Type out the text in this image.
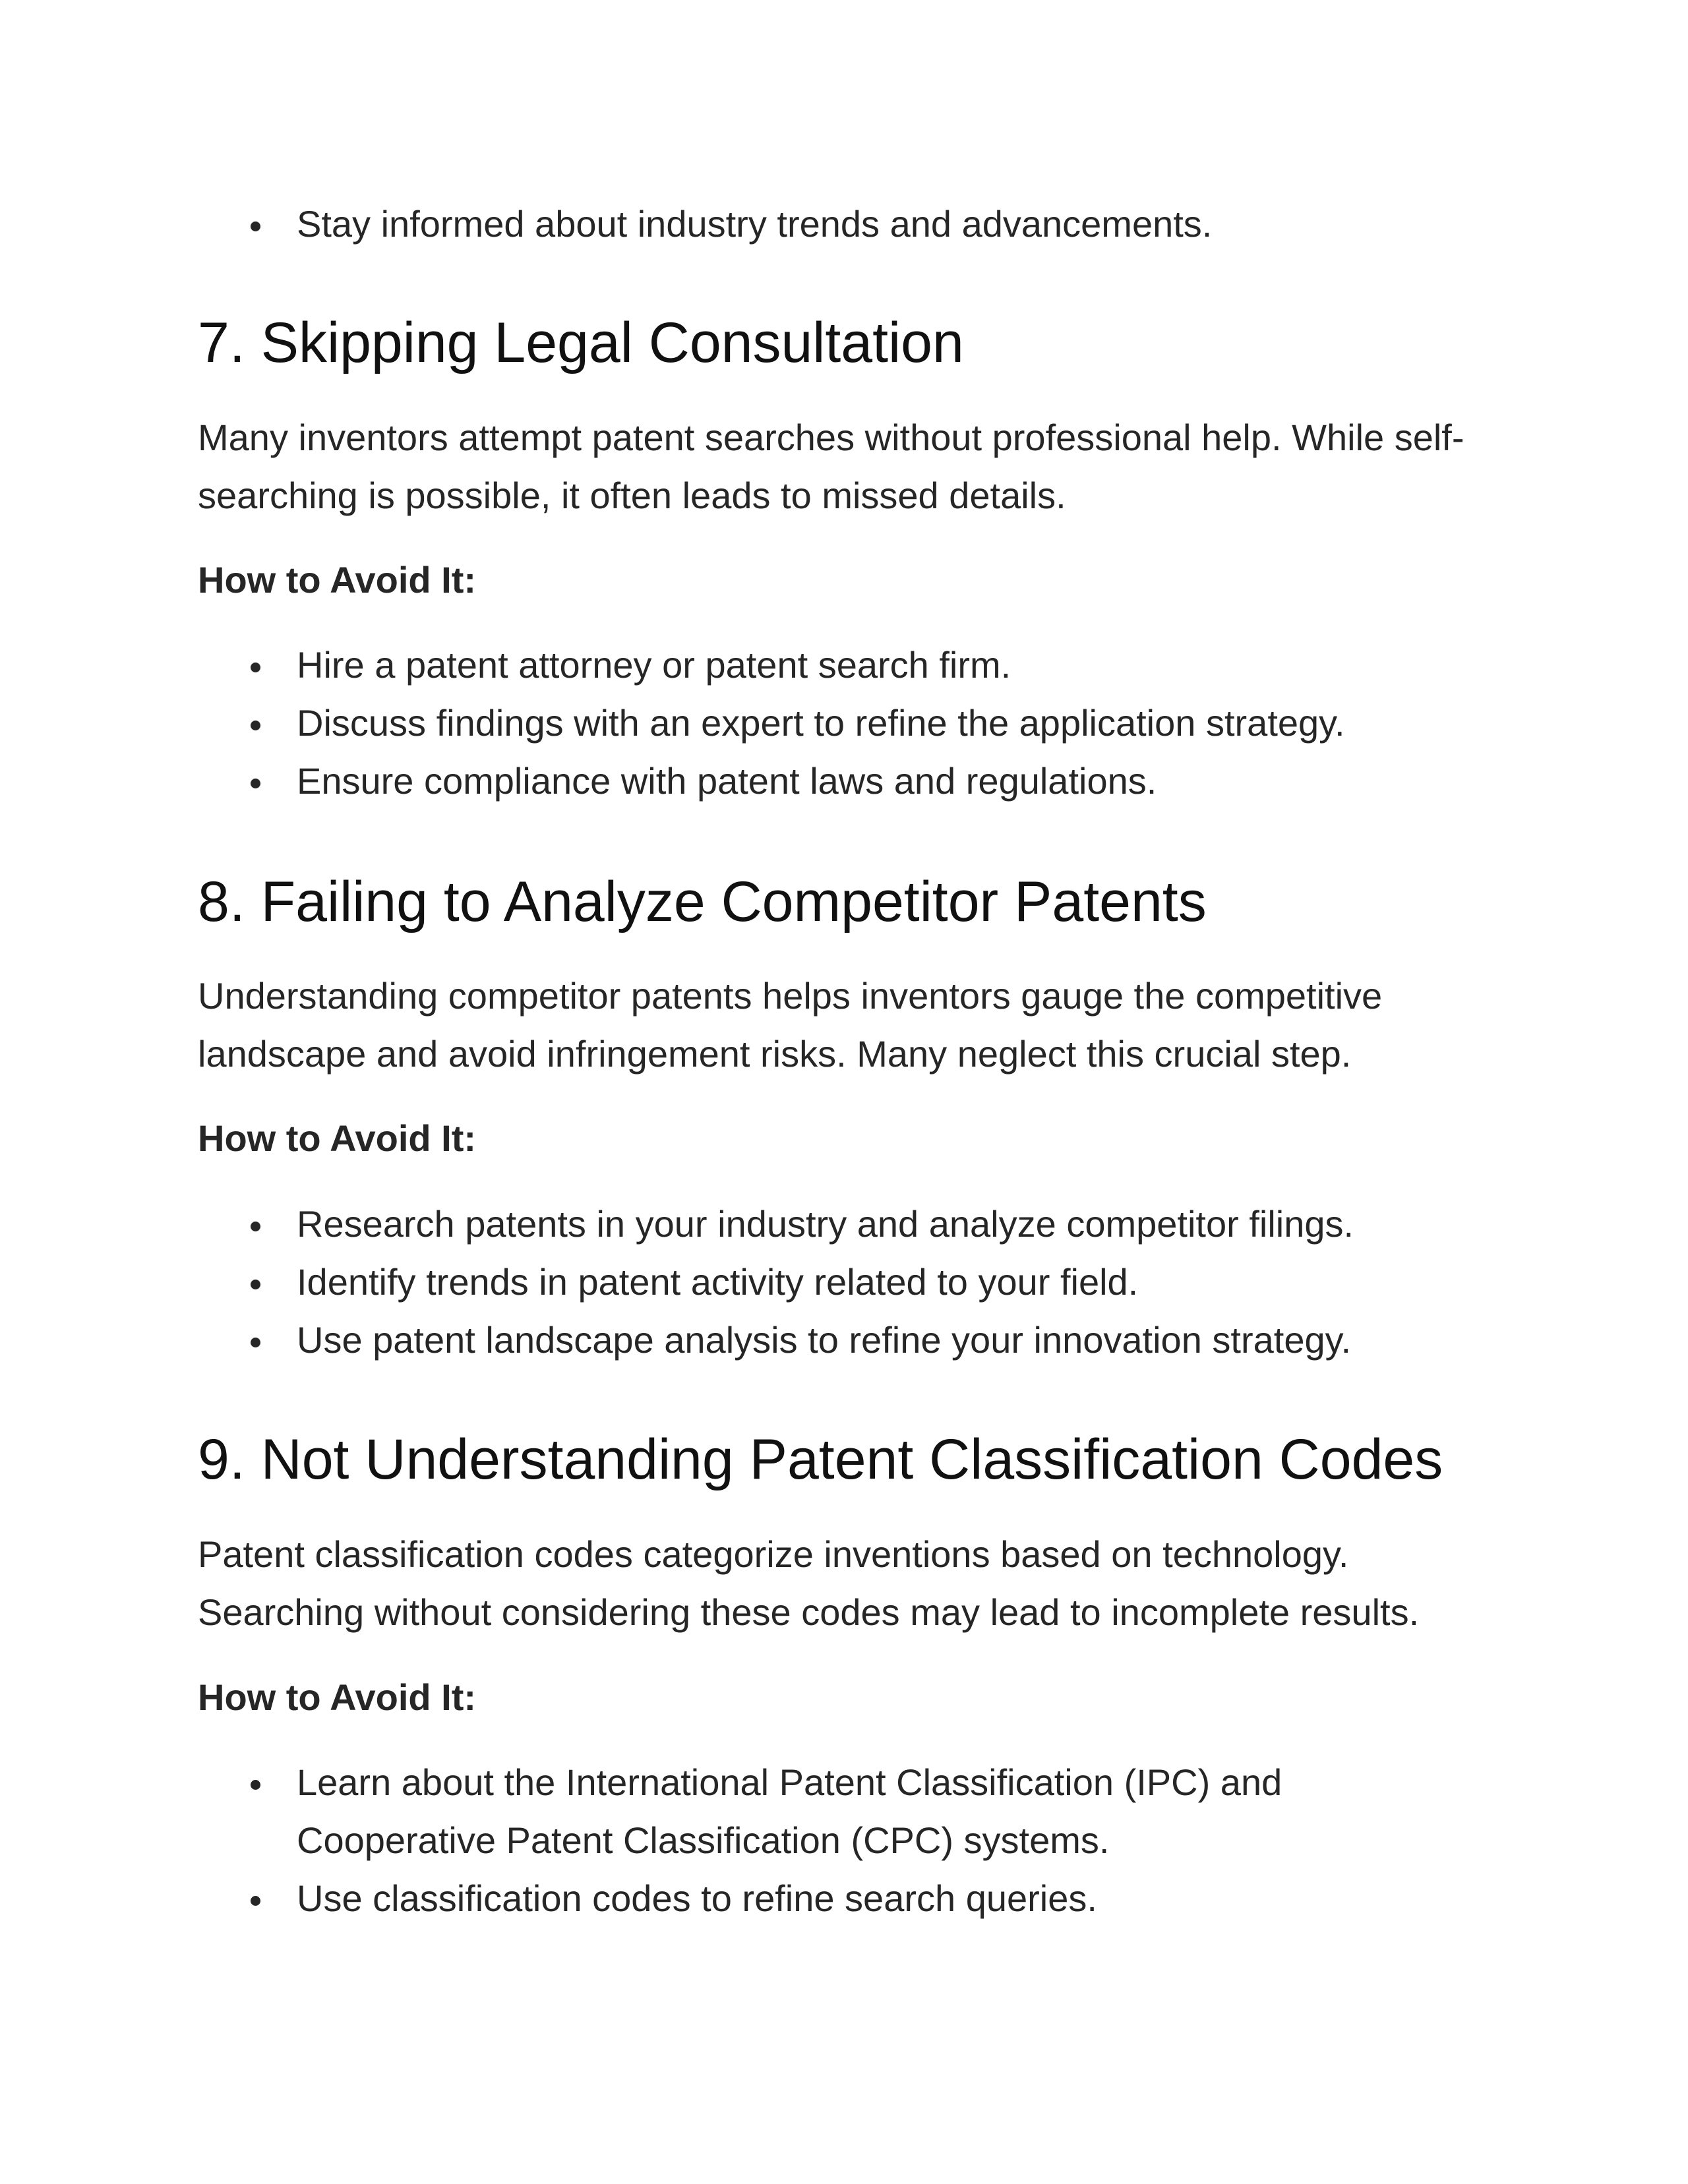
Stay informed about industry trends and advancements.
7. Skipping Legal Consultation

Many inventors attempt patent searches without professional help. While self-searching is possible, it often leads to missed details.

How to Avoid It:

Hire a patent attorney or patent search firm.
Discuss findings with an expert to refine the application strategy.
Ensure compliance with patent laws and regulations.
8. Failing to Analyze Competitor Patents

Understanding competitor patents helps inventors gauge the competitive landscape and avoid infringement risks. Many neglect this crucial step.

How to Avoid It:

Research patents in your industry and analyze competitor filings.
Identify trends in patent activity related to your field.
Use patent landscape analysis to refine your innovation strategy.
9. Not Understanding Patent Classification Codes

Patent classification codes categorize inventions based on technology. Searching without considering these codes may lead to incomplete results.

How to Avoid It:

Learn about the International Patent Classification (IPC) and Cooperative Patent Classification (CPC) systems.
Use classification codes to refine search queries.
